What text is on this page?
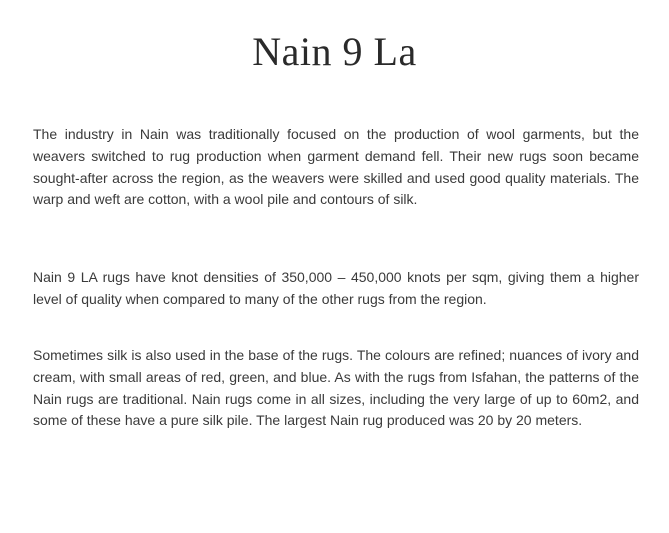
Nain 9 La

The industry in Nain was traditionally focused on the production of wool garments, but the weavers switched to rug production when garment demand fell. Their new rugs soon became sought-after across the region, as the weavers were skilled and used good quality materials. The warp and weft are cotton, with a wool pile and contours of silk.

Nain 9 LA rugs have knot densities of 350,000 – 450,000 knots per sqm, giving them a higher level of quality when compared to many of the other rugs from the region.

Sometimes silk is also used in the base of the rugs. The colours are refined; nuances of ivory and cream, with small areas of red, green, and blue. As with the rugs from Isfahan, the patterns of the Nain rugs are traditional. Nain rugs come in all sizes, including the very large of up to 60m2, and some of these have a pure silk pile. The largest Nain rug produced was 20 by 20 meters.
